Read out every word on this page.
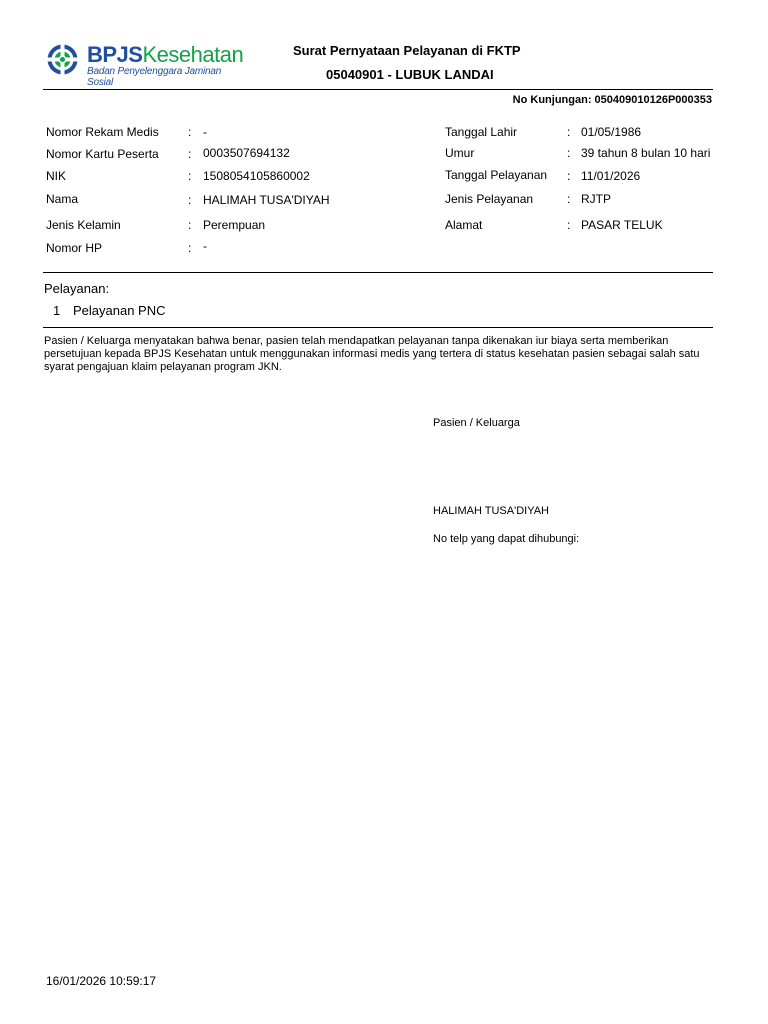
BPJSKesehatan
Badan Penyelenggara Jaminan Sosial
Surat Pernyataan Pelayanan di FKTP
05040901 - LUBUK LANDAI
No Kunjungan: 050409010126P000353
Nomor Rekam Medis : -
Nomor Kartu Peserta : 0003507694132
NIK	: 1508054105860002
Nama	: HALIMAH TUSA'DIYAH
Jenis Kelamin	: Perempuan
Nomor HP	: -
Tanggal Lahir	: 01/05/1986
Umur	: 39 tahun 8 bulan 10 hari
Tanggal Pelayanan : 11/01/2026
Jenis Pelayanan	: RJTP
Alamat	: PASAR TELUK
Pelayanan:
1 Pelayanan PNC
Pasien / Keluarga menyatakan bahwa benar, pasien telah mendapatkan pelayanan tanpa dikenakan iur biaya serta memberikan persetujuan kepada BPJS Kesehatan untuk menggunakan informasi medis yang tertera di status kesehatan pasien sebagai salah satu syarat pengajuan klaim pelayanan program JKN.
Pasien / Keluarga
HALIMAH TUSA'DIYAH
No telp yang dapat dihubungi:
16/01/2026 10:59:17
